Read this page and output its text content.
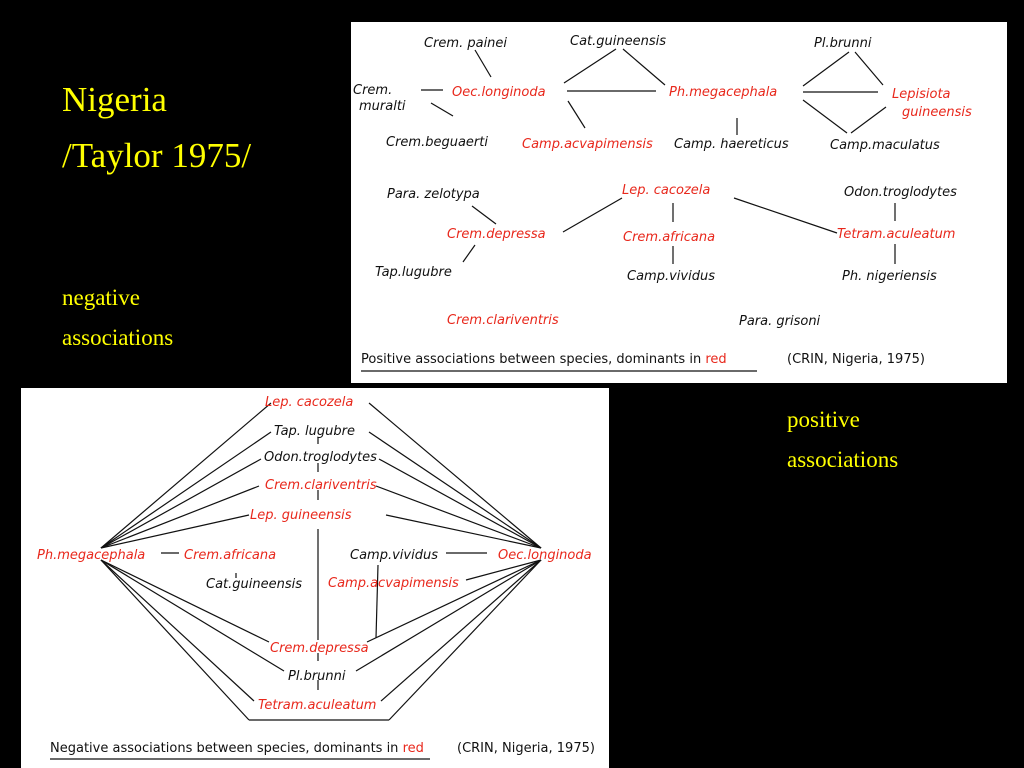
Nigeria
/Taylor 1975/
negative
associations
positive
associations
Crem. painei	Cat.guineensis	Pl.brunni
Crem.
muralti
Oec.longinoda	Ph.megacephala	Lepisiota
guineensis
Crem.beguaerti	Camp.acvapimensis Camp. haereticus	Camp.maculatus
Para. zelotypa	Lep. cacozela	Odon.troglodytes
Crem.depressa	Crem.africana	Tetram.aculeatum
Tap.lugubre	Camp.vividus	Ph. nigeriensis
Crem.clariventris	Para. grisoni
Positive associations between species, dominants in red	(CRIN, Nigeria, 1975)
Lep. cacozela
Tap. lugubre
Odon.troglodytes
Crem.clariventris
Lep. guineensis
Ph.megacephala	Crem.africana	Camp.vividus	Oec.longinoda
Cat.guineensis Camp.acvapimensis
Crem.depressa
Pl.brunni
Tetram.aculeatum
Negative associations between species, dominants in red	(CRIN, Nigeria, 1975)
